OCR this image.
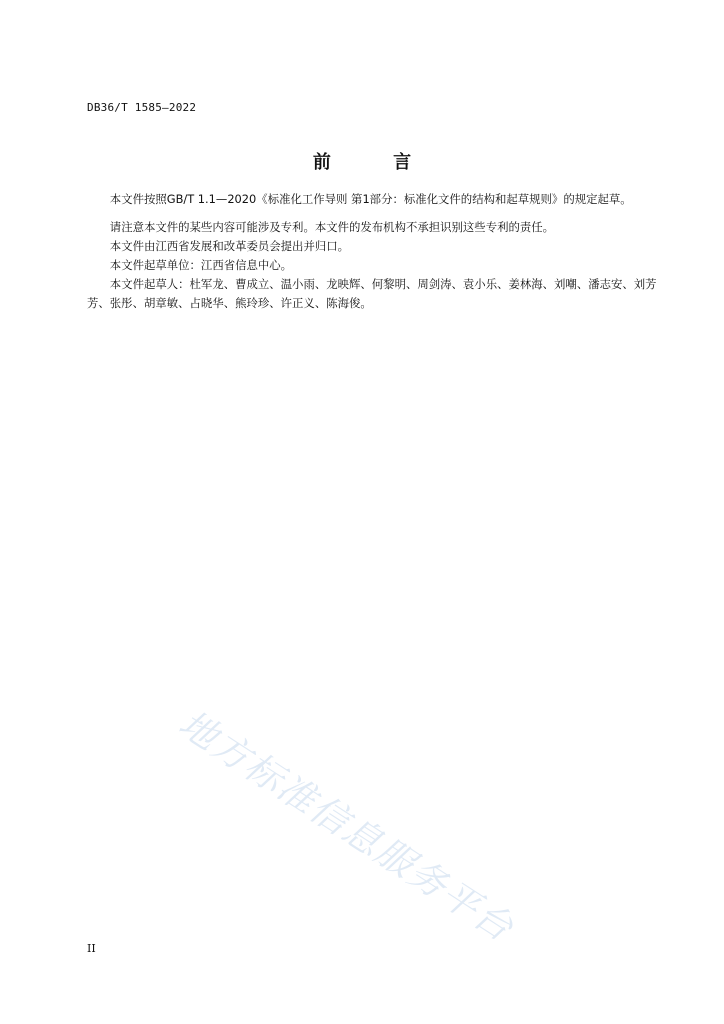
DB36/T 1585—2022
前 言

本文件按照GB/T 1.1—2020《标准化工作导则 第1部分：标准化文件的结构和起草规则》的规定起草。

请注意本文件的某些内容可能涉及专利。本文件的发布机构不承担识别这些专利的责任。

本文件由江西省发展和改革委员会提出并归口。

本文件起草单位：江西省信息中心。

本文件起草人：杜军龙、曹成立、温小雨、龙映辉、何黎明、周剑涛、袁小乐、姜林海、刘嘲、潘志安、刘芳芳、张彤、胡章敏、占晓华、熊玲珍、许正义、陈海俊。

地方标准信息服务平台
II
